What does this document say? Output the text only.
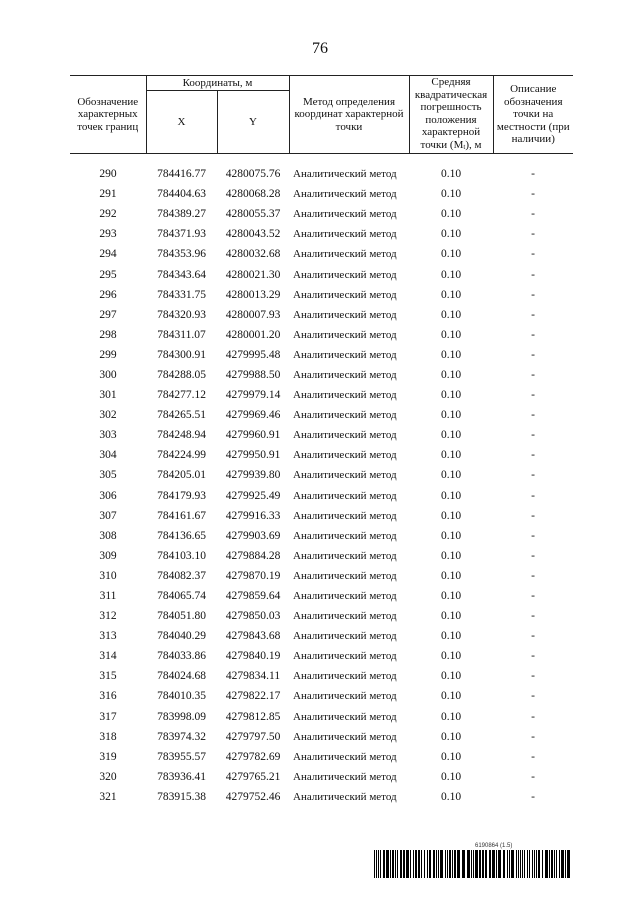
76
Обозначение характерных точек границ	Координаты, м		Метод определения координат характерной точки	Средняя квадратическая погрешность положения характерной точки $(M_t)$, м	Описание обозначения точки на местности (при наличии)
	X	Y			

290	784416.77	4280075.76	Аналитический метод	0.10	-
291	784404.63	4280068.28	Аналитический метод	0.10	-
292	784389.27	4280055.37	Аналитический метод	0.10	-
293	784371.93	4280043.52	Аналитический метод	0.10	-
294	784353.96	4280032.68	Аналитический метод	0.10	-
295	784343.64	4280021.30	Аналитический метод	0.10	-
296	784331.75	4280013.29	Аналитический метод	0.10	-
297	784320.93	4280007.93	Аналитический метод	0.10	-
298	784311.07	4280001.20	Аналитический метод	0.10	-
299	784300.91	4279995.48	Аналитический метод	0.10	-
300	784288.05	4279988.50	Аналитический метод	0.10	-
301	784277.12	4279979.14	Аналитический метод	0.10	-
302	784265.51	4279969.46	Аналитический метод	0.10	-
303	784248.94	4279960.91	Аналитический метод	0.10	-
304	784224.99	4279950.91	Аналитический метод	0.10	-
305	784205.01	4279939.80	Аналитический метод	0.10	-
306	784179.93	4279925.49	Аналитический метод	0.10	-
307	784161.67	4279916.33	Аналитический метод	0.10	-
308	784136.65	4279903.69	Аналитический метод	0.10	-
309	784103.10	4279884.28	Аналитический метод	0.10	-
310	784082.37	4279870.19	Аналитический метод	0.10	-
311	784065.74	4279859.64	Аналитический метод	0.10	-
312	784051.80	4279850.03	Аналитический метод	0.10	-
313	784040.29	4279843.68	Аналитический метод	0.10	-
314	784033.86	4279840.19	Аналитический метод	0.10	-
315	784024.68	4279834.11	Аналитический метод	0.10	-
316	784010.35	4279822.17	Аналитический метод	0.10	-
317	783998.09	4279812.85	Аналитический метод	0.10	-
318	783974.32	4279797.50	Аналитический метод	0.10	-
319	783955.57	4279782.69	Аналитический метод	0.10	-
320	783936.41	4279765.21	Аналитический метод	0.10	-
321	783915.38	4279752.46	Аналитический метод	0.10	-
6190864 (1.5)
